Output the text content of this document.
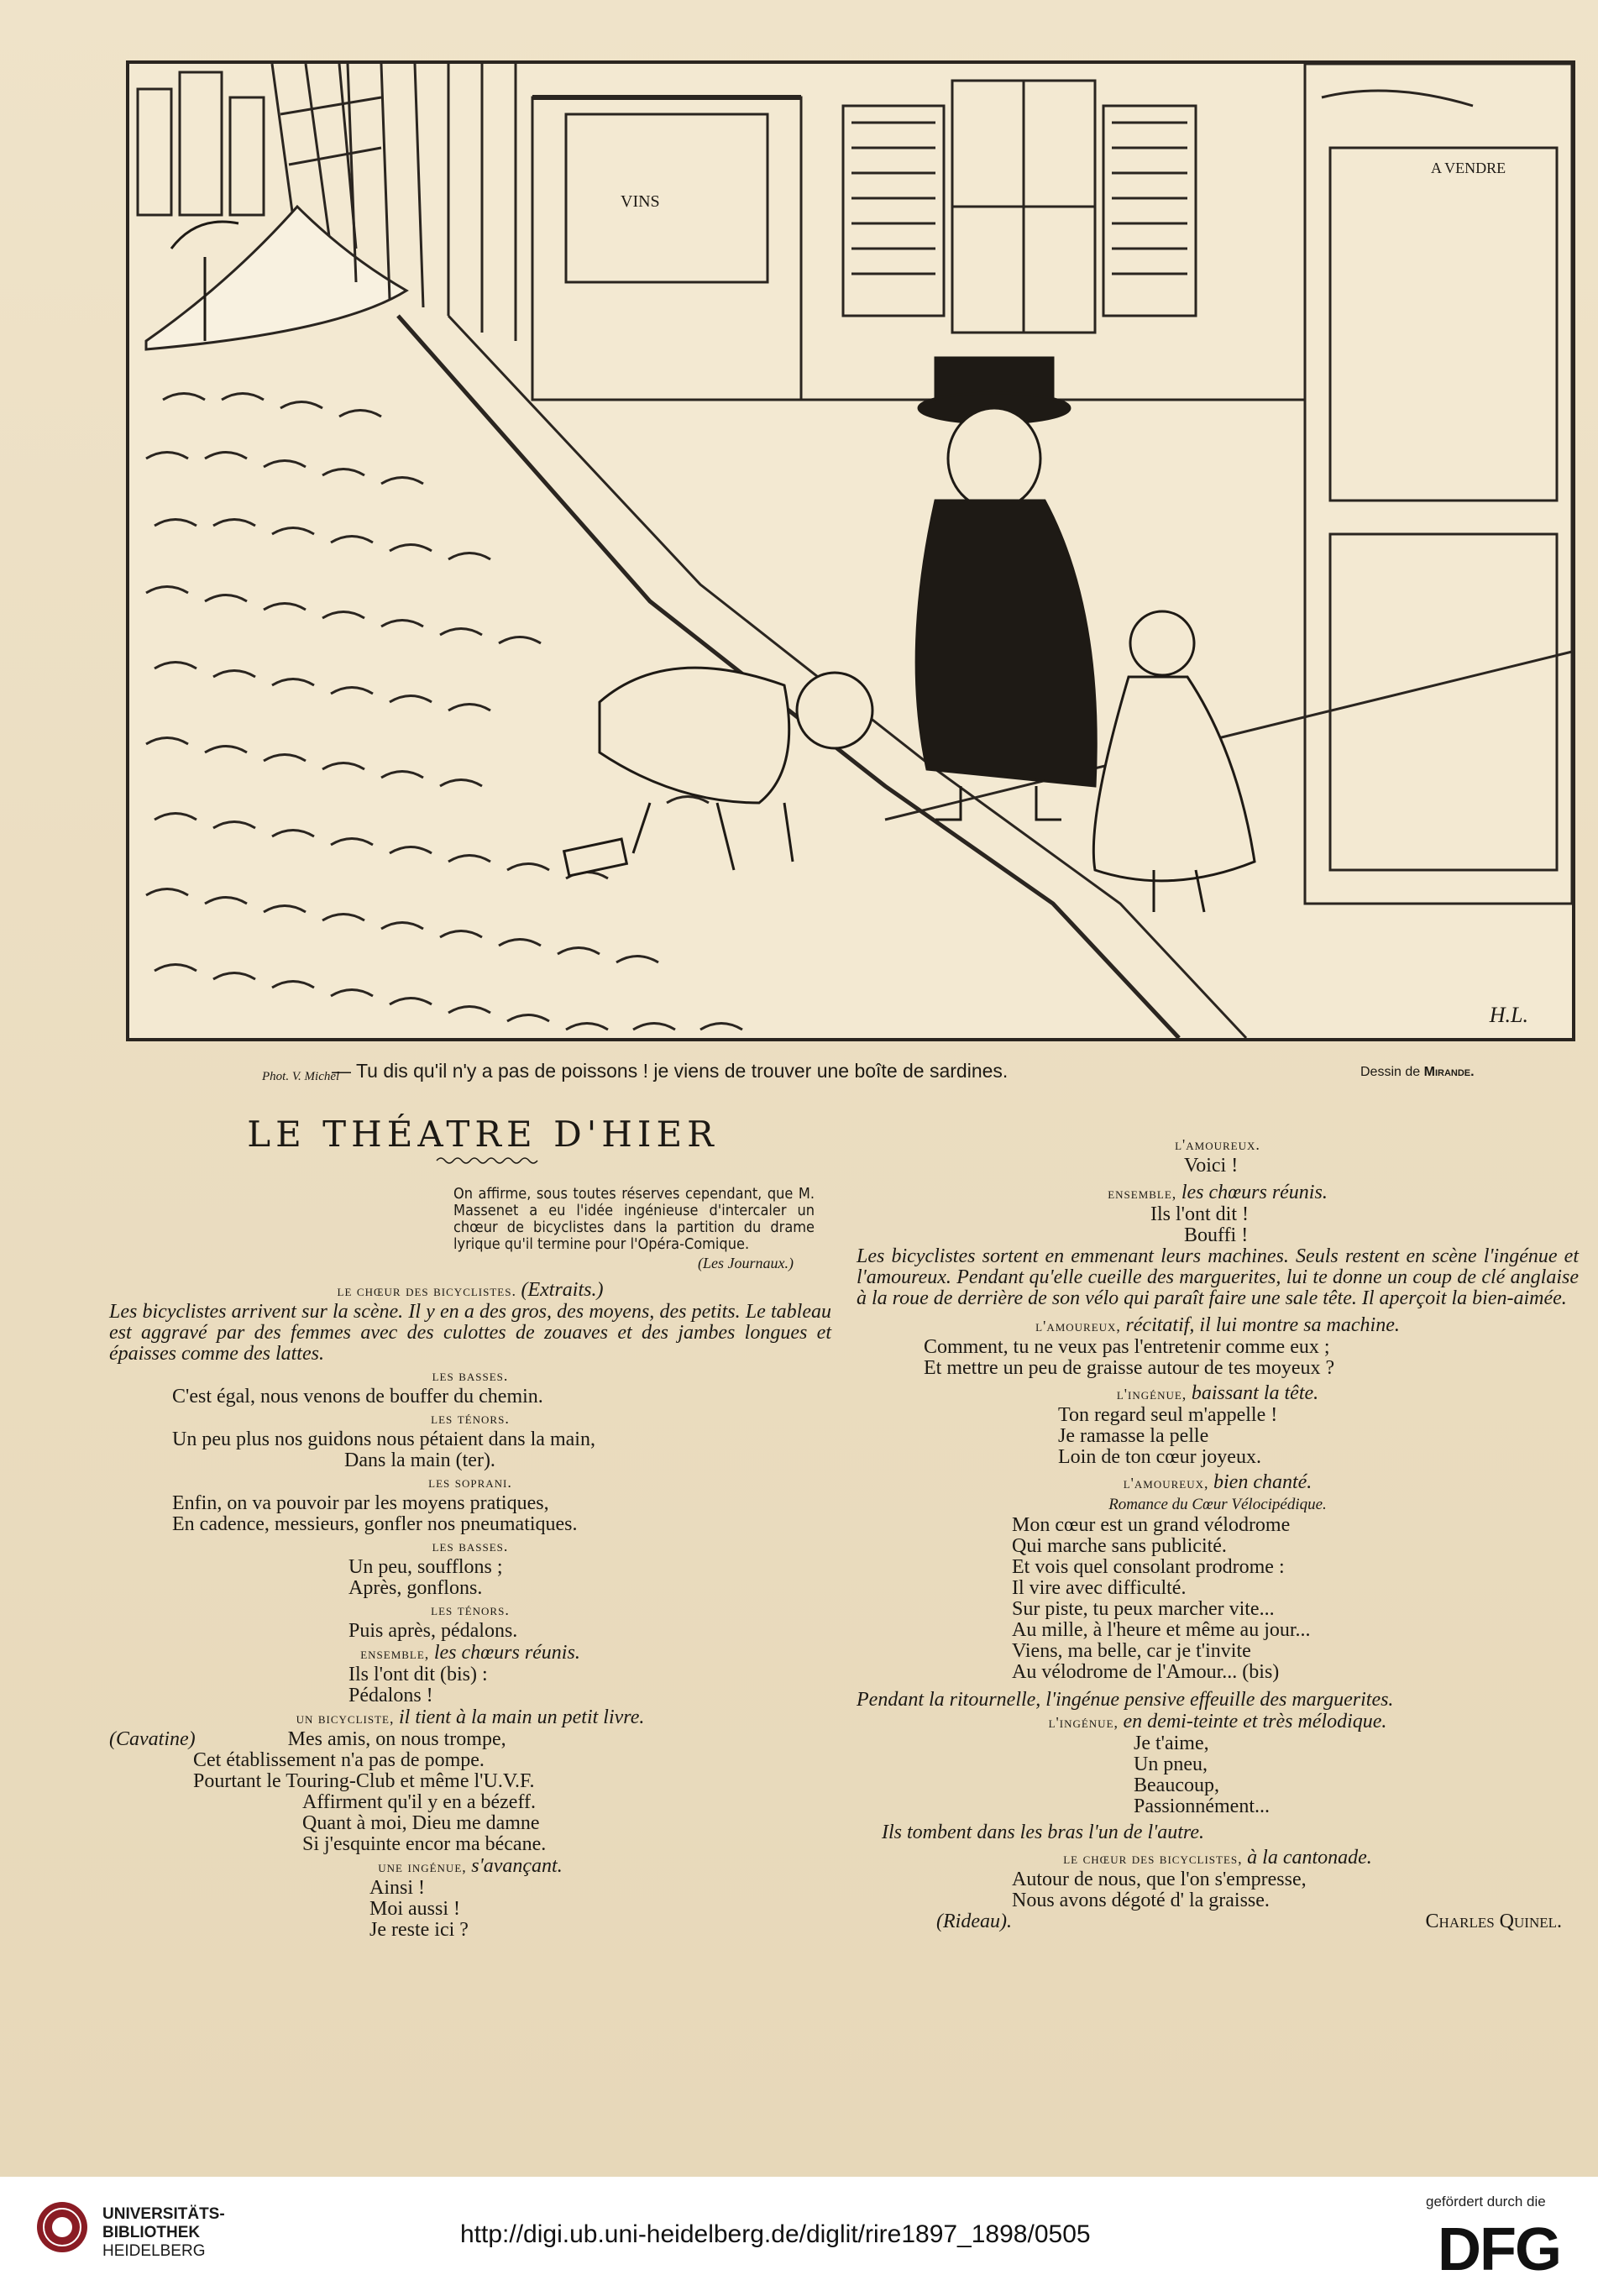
VINS
A VENDRE
Phot. V. Michel
H.L.
— Tu dis qu'il n'y a pas de poissons ! je viens de trouver une boîte de sardines.	Dessin de Mirande.
LE THÉATRE D'HIER
On affirme, sous toutes réserves cependant, que M. Massenet a eu l'idée ingénieuse d'intercaler un chœur de bicyclistes dans la partition du drame lyrique qu'il termine pour l'Opéra-Comique.
(Les Journaux.)
le chœur des bicyclistes. (Extraits.)
Les bicyclistes arrivent sur la scène. Il y en a des gros, des moyens, des petits. Le tableau est aggravé par des femmes avec des culottes de zouaves et des jambes longues et épaisses comme des lattes.
les basses.
C'est égal, nous venons de bouffer du chemin.
les ténors.
Un peu plus nos guidons nous pétaient dans la main,
Dans la main (ter).
les soprani.
Enfin, on va pouvoir par les moyens pratiques,
En cadence, messieurs, gonfler nos pneumatiques.
les basses.
Un peu, soufflons ;
Après, gonflons.
les ténors.
Puis après, pédalons.
ensemble, les chœurs réunis.
Ils l'ont dit (bis) :
Pédalons !
un bicycliste, il tient à la main un petit livre.
(Cavatine)	Mes amis, on nous trompe,
Cet établissement n'a pas de pompe.
Pourtant le Touring-Club et même l'U.V.F.
Affirment qu'il y en a bézeff.
Quant à moi, Dieu me damne
Si j'esquinte encor ma bécane.
une ingénue, s'avançant.
Ainsi !
Moi aussi !
Je reste ici ?
l'amoureux.
Voici !
ensemble, les chœurs réunis.
Ils l'ont dit !
Bouffi !
Les bicyclistes sortent en emmenant leurs machines. Seuls restent en scène l'ingénue et l'amoureux. Pendant qu'elle cueille des marguerites, lui te donne un coup de clé anglaise à la roue de derrière de son vélo qui paraît faire une sale tête. Il aperçoit la bien-aimée.
l'amoureux, récitatif, il lui montre sa machine.
Comment, tu ne veux pas l'entretenir comme eux ;
Et mettre un peu de graisse autour de tes moyeux ?
l'ingénue, baissant la tête.
Ton regard seul m'appelle !
Je ramasse la pelle
Loin de ton cœur joyeux.
l'amoureux, bien chanté.
Romance du Cœur Vélocipédique.
Mon cœur est un grand vélodrome
Qui marche sans publicité.
Et vois quel consolant prodrome :
Il vire avec difficulté.
Sur piste, tu peux marcher vite...
Au mille, à l'heure et même au jour...
Viens, ma belle, car je t'invite
Au vélodrome de l'Amour... (bis)
Pendant la ritournelle, l'ingénue pensive effeuille des marguerites.
l'ingénue, en demi-teinte et très mélodique.
Je t'aime,
Un pneu,
Beaucoup,
Passionnément...
Ils tombent dans les bras l'un de l'autre.
le chœur des bicyclistes, à la cantonade.
Autour de nous, que l'on s'empresse,
Nous avons dégoté d' la graisse.
(Rideau).	Charles Quinel.
UNIVERSITÄTS-
BIBLIOTHEK
HEIDELBERG
http://digi.ub.uni-heidelberg.de/diglit/rire1897_1898/0505
gefördert durch die
DFG
